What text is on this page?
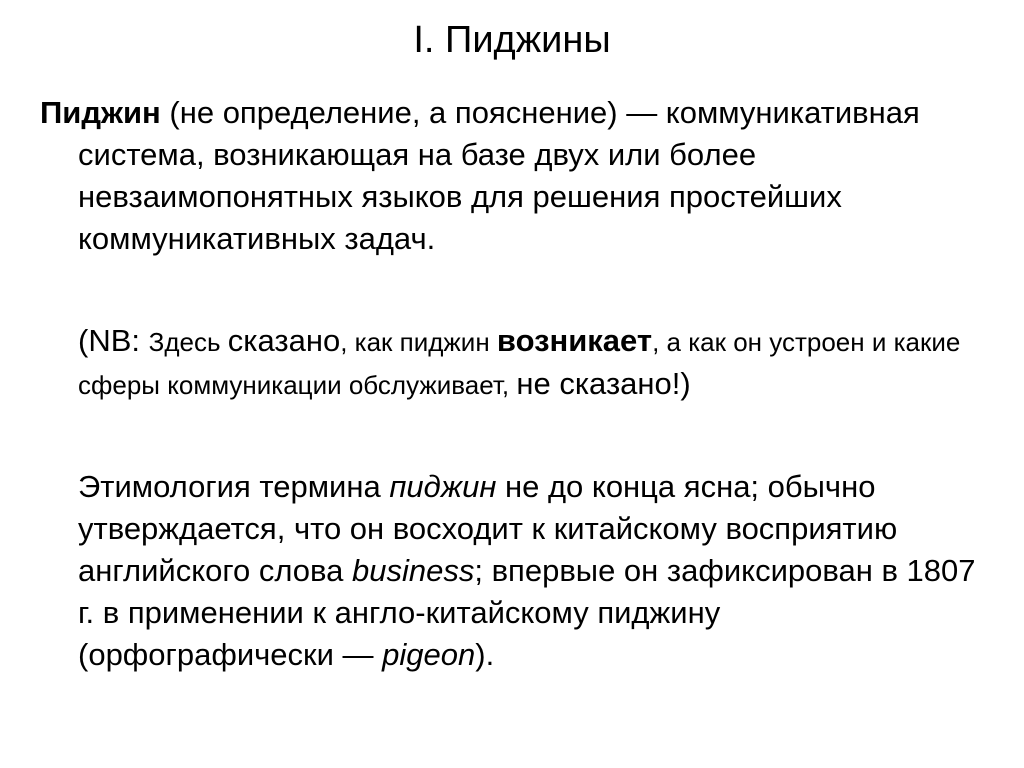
I. Пиджины

Пиджин (не определение, а пояснение) — коммуникативная система, возникающая на базе двух или более невзаимопонятных языков для решения простейших коммуникативных задач.

(NB: Здесь сказано, как пиджин возникает, а как он устроен и какие сферы коммуникации обслуживает, не сказано!)

Этимология термина пиджин не до конца ясна; обычно утверждается, что он восходит к китайскому восприятию английского слова business; впервые он зафиксирован в 1807 г. в применении к англо-китайскому пиджину (орфографически — pigeon).
